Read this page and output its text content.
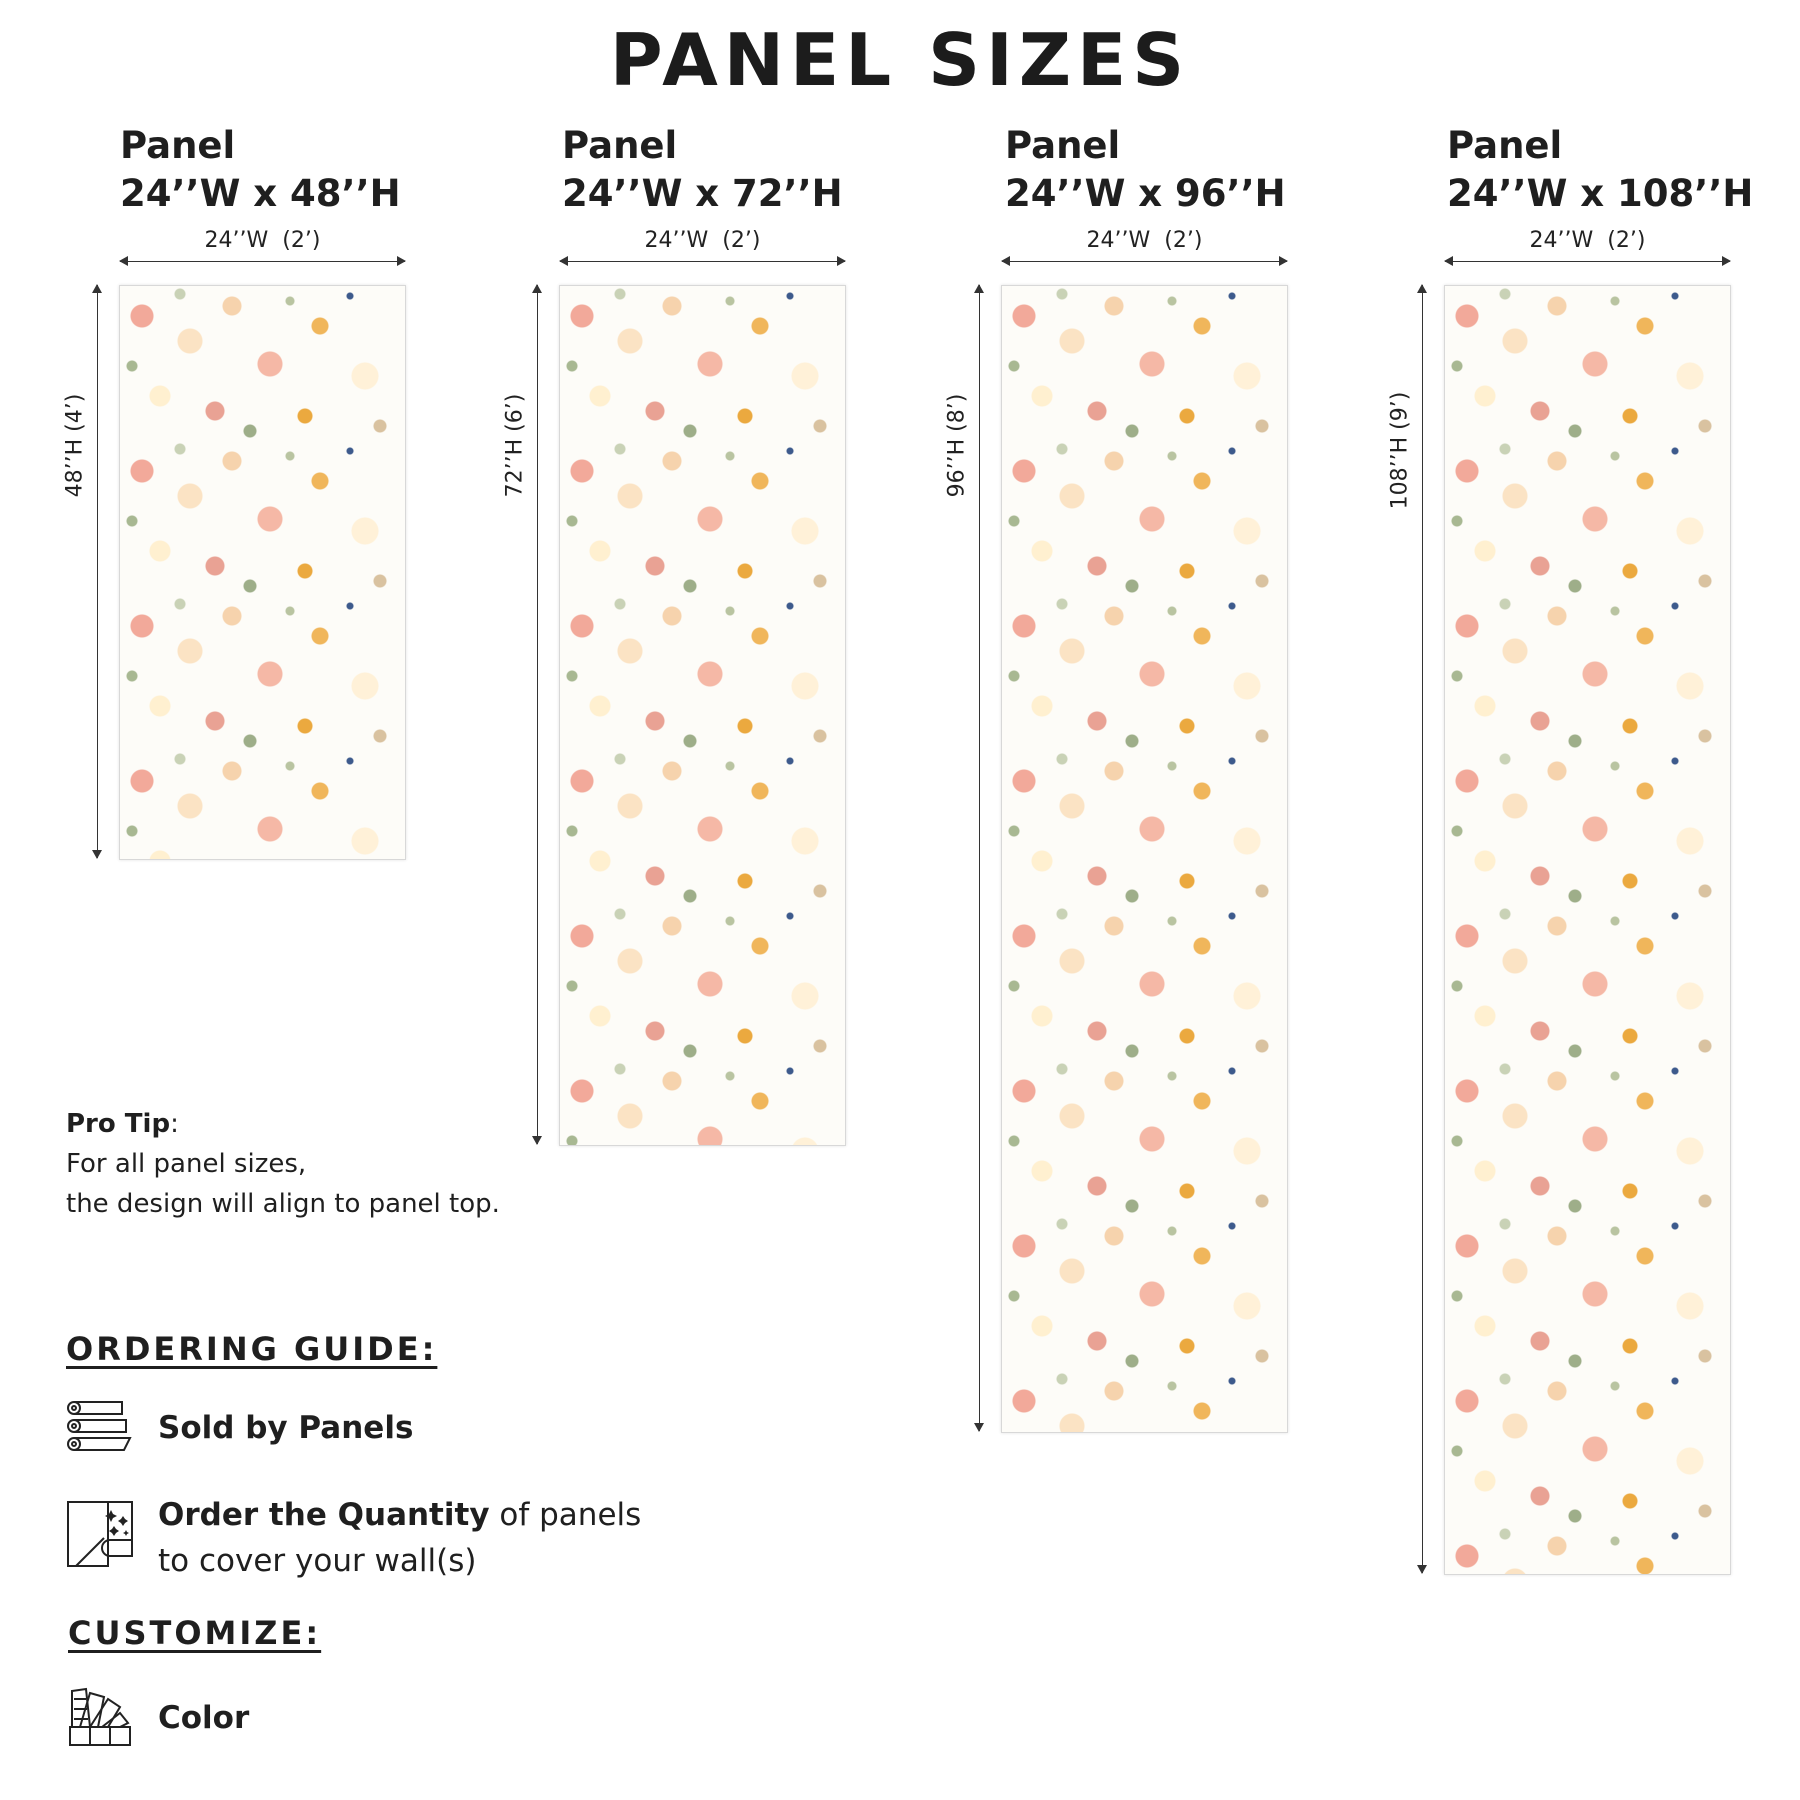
PANEL SIZES
Panel
24’’W x 48’’H
24’’W  (2’)
48’’H (4’)
Panel
24’’W x 72’’H
24’’W  (2’)
72’’H (6’)
Panel
24’’W x 96’’H
24’’W  (2’)
96’’H (8’)
Panel
24’’W x 108’’H
24’’W  (2’)
108’’H (9’)
Pro Tip:
For all panel sizes,
the design will align to panel top.
ORDERING GUIDE:
Sold by Panels
Order the Quantity of panels
to cover your wall(s)
CUSTOMIZE:
Color
